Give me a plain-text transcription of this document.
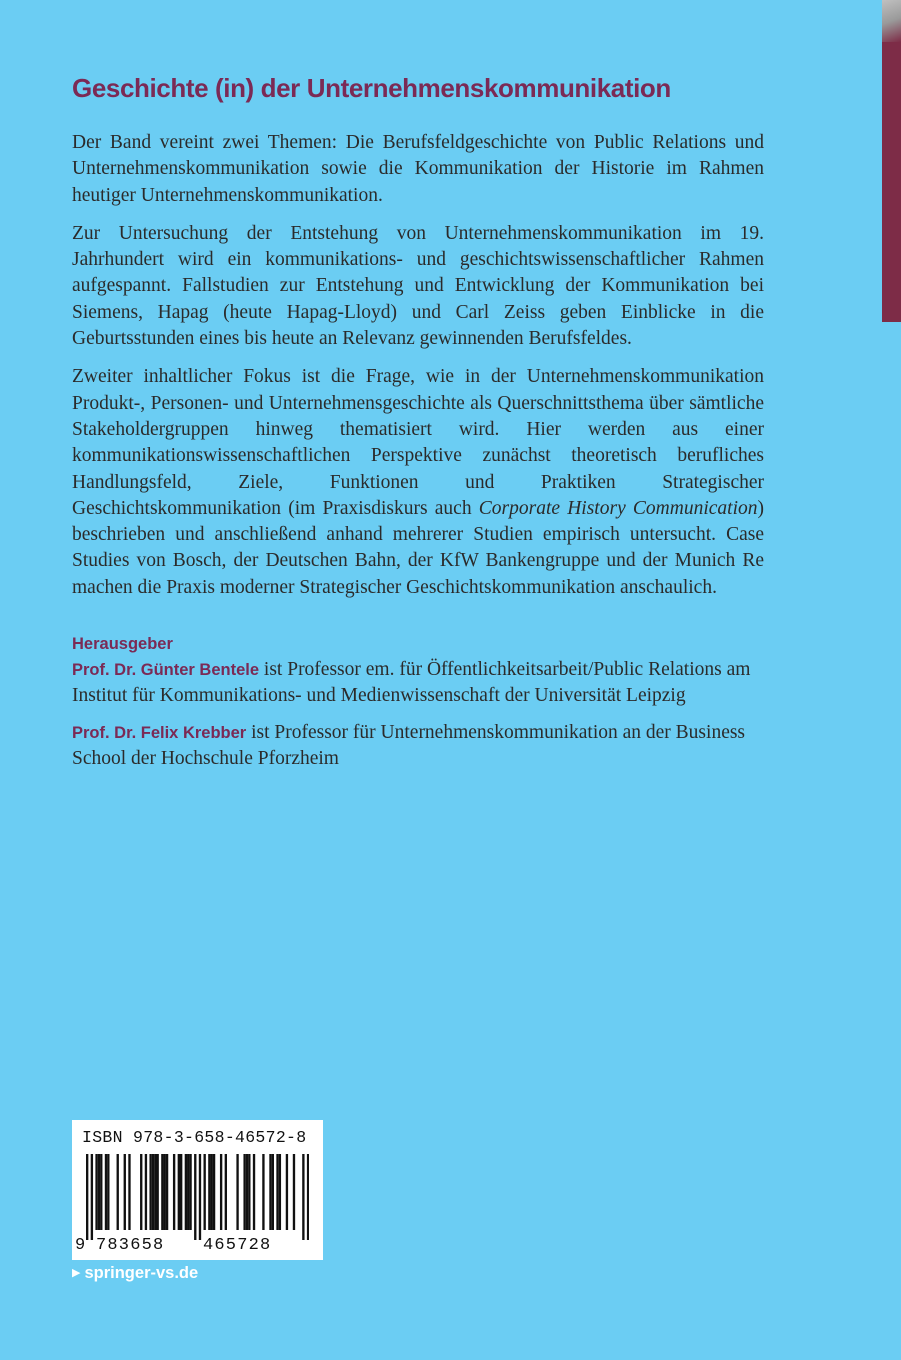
Geschichte (in) der Unternehmenskommunikation

Der Band vereint zwei Themen: Die Berufsfeldgeschichte von Public Relations und Unternehmenskommunikation sowie die Kommunikation der Historie im Rahmen heutiger Unternehmenskommunikation.

Zur Untersuchung der Entstehung von Unternehmenskommunikation im 19. Jahrhundert wird ein kommunikations- und geschichtswissenschaftlicher Rahmen aufgespannt. Fallstudien zur Entstehung und Entwicklung der Kommunikation bei Siemens, Hapag (heute Hapag-Lloyd) und Carl Zeiss geben Einblicke in die Geburtsstunden eines bis heute an Relevanz gewinnenden Berufsfeldes.

Zweiter inhaltlicher Fokus ist die Frage, wie in der Unternehmenskommunikation Produkt-, Personen- und Unternehmensgeschichte als Querschnittsthema über sämtliche Stakeholdergruppen hinweg thematisiert wird. Hier werden aus einer kommunikationswissenschaftlichen Perspektive zunächst theoretisch berufliches Handlungsfeld, Ziele, Funktionen und Praktiken Strategischer Geschichtskommunikation (im Praxisdiskurs auch Corporate History Communication) beschrieben und anschließend anhand mehrerer Studien empirisch untersucht. Case Studies von Bosch, der Deutschen Bahn, der KfW Bankengruppe und der Munich Re machen die Praxis moderner Strategischer Geschichtskommunikation anschaulich.

Herausgeber

Prof. Dr. Günter Bentele ist Professor em. für Öffentlichkeitsarbeit/Public Relations am Institut für Kommunikations- und Medienwissenschaft der Universität Leipzig

Prof. Dr. Felix Krebber ist Professor für Unternehmenskommunikation an der Business School der Hochschule Pforzheim

ISBN 978-3-658-46572-8
9 783658 465728
▶ springer-vs.de
